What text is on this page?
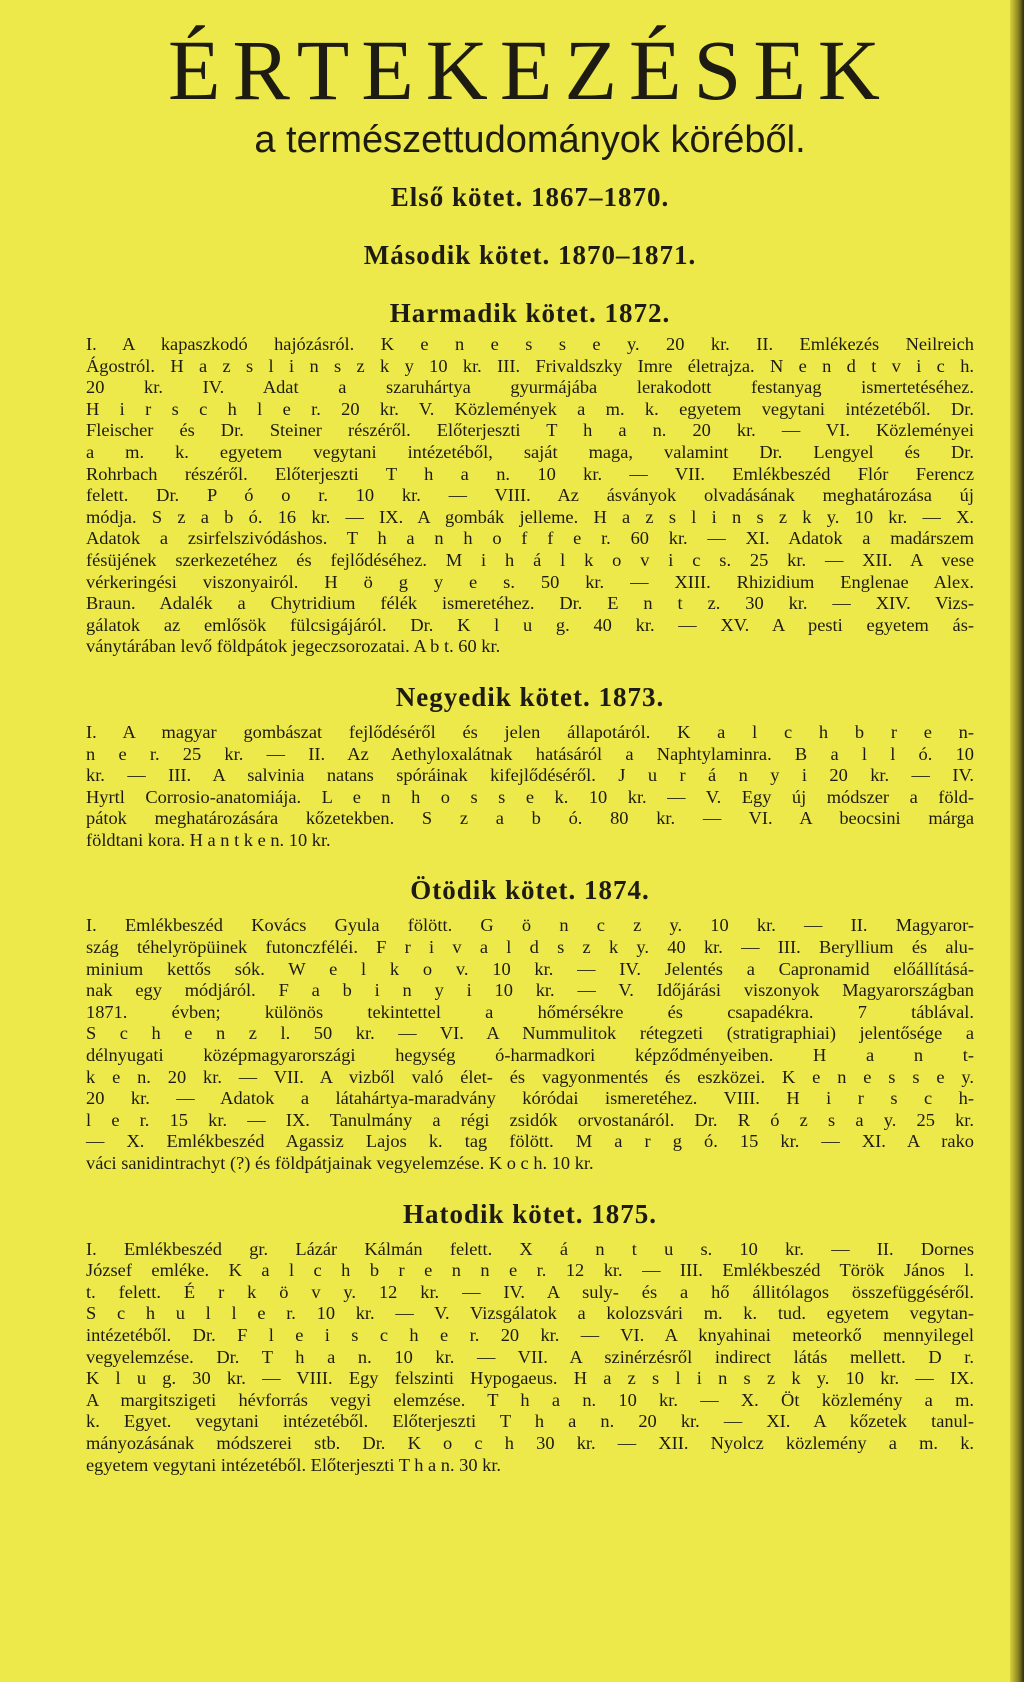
ÉRTEKEZÉSEK
a természettudományok köréből.
Első kötet. 1867–1870.
Második kötet. 1870–1871.
Harmadik kötet. 1872.
I. A kapaszkodó hajózásról. K e n e s s e y. 20 kr. II. Emlékezés Neilreich
Ágostról. H a z s l i n s z k y 10 kr. III. Frivaldszky Imre életrajza. N e n d t v i c h.
20 kr. IV. Adat a szaruhártya gyurmájába lerakodott festanyag ismertetéséhez.
H i r s c h l e r. 20 kr. V. Közlemények a m. k. egyetem vegytani intézetéből. Dr.
Fleischer és Dr. Steiner részéről. Előterjeszti T h a n. 20 kr. — VI. Közleményei
a m. k. egyetem vegytani intézetéből, saját maga, valamint Dr. Lengyel és Dr.
Rohrbach részéről. Előterjeszti T h a n. 10 kr. — VII. Emlékbeszéd Flór Ferencz
felett. Dr. P ó o r. 10 kr. — VIII. Az ásványok olvadásának meghatározása új
módja. S z a b ó. 16 kr. — IX. A gombák jelleme. H a z s l i n s z k y. 10 kr. — X.
Adatok a zsirfelszivódáshos. T h a n h o f f e r. 60 kr. — XI. Adatok a madárszem
fésüjének szerkezetéhez és fejlődéséhez. M i h á l k o v i c s. 25 kr. — XII. A vese
vérkeringési viszonyairól. H ö g y e s. 50 kr. — XIII. Rhizidium Englenae Alex.
Braun. Adalék a Chytridium félék ismeretéhez. Dr. E n t z. 30 kr. — XIV. Vizs-
gálatok az emlősök fülcsigájáról. Dr. K l u g. 40 kr. — XV. A pesti egyetem ás-
ványtárában levő földpátok jegeczsorozatai. A b t. 60 kr.
Negyedik kötet. 1873.
I. A magyar gombászat fejlődéséről és jelen állapotáról. K a l c h b r e n-
n e r. 25 kr. — II. Az Aethyloxalátnak hatásáról a Naphtylaminra. B a l l ó. 10
kr. — III. A salvinia natans spóráinak kifejlődéséről. J u r á n y i 20 kr. — IV.
Hyrtl Corrosio-anatomiája. L e n h o s s e k. 10 kr. — V. Egy új módszer a föld-
pátok meghatározására kőzetekben. S z a b ó. 80 kr. — VI. A beocsini márga
földtani kora. H a n t k e n. 10 kr.
Ötödik kötet. 1874.
I. Emlékbeszéd Kovács Gyula fölött. G ö n c z y. 10 kr. — II. Magyaror-
szág téhelyröpüinek futonczféléi. F r i v a l d s z k y. 40 kr. — III. Beryllium és alu-
minium kettős sók. W e l k o v. 10 kr. — IV. Jelentés a Capronamid előállításá-
nak egy módjáról. F a b i n y i 10 kr. — V. Időjárási viszonyok Magyarországban
1871. évben; különös tekintettel a hőmérsékre és csapadékra. 7 táblával.
S c h e n z l. 50 kr. — VI. A Nummulitok rétegzeti (stratigraphiai) jelentősége a
délnyugati középmagyarországi hegység ó-harmadkori képződményeiben. H a n t-
k e n. 20 kr. — VII. A vizből való élet- és vagyonmentés és eszközei. K e n e s s e y.
20 kr. — Adatok a látahártya-maradvány kóródai ismeretéhez. VIII. H i r s c h-
l e r. 15 kr. — IX. Tanulmány a régi zsidók orvostanáról. Dr. R ó z s a y. 25 kr.
— X. Emlékbeszéd Agassiz Lajos k. tag fölött. M a r g ó. 15 kr. — XI. A rako
váci sanidintrachyt (?) és földpátjainak vegyelemzése. K o c h. 10 kr.
Hatodik kötet. 1875.
I. Emlékbeszéd gr. Lázár Kálmán felett. X á n t u s. 10 kr. — II. Dornes
József emléke. K a l c h b r e n n e r. 12 kr. — III. Emlékbeszéd Török János l.
t. felett. É r k ö v y. 12 kr. — IV. A suly- és a hő állitólagos összefüggéséről.
S c h u l l e r. 10 kr. — V. Vizsgálatok a kolozsvári m. k. tud. egyetem vegytan-
intézetéből. Dr. F l e i s c h e r. 20 kr. — VI. A knyahinai meteorkő mennyilegel
vegyelemzése. Dr. T h a n. 10 kr. — VII. A szinérzésről indirect látás mellett. D r.
K l u g. 30 kr. — VIII. Egy felszinti Hypogaeus. H a z s l i n s z k y. 10 kr. — IX.
A margitszigeti hévforrás vegyi elemzése. T h a n. 10 kr. — X. Öt közlemény a m.
k. Egyet. vegytani intézetéből. Előterjeszti T h a n. 20 kr. — XI. A kőzetek tanul-
mányozásának módszerei stb. Dr. K o c h 30 kr. — XII. Nyolcz közlemény a m. k.
egyetem vegytani intézetéből. Előterjeszti T h a n. 30 kr.
